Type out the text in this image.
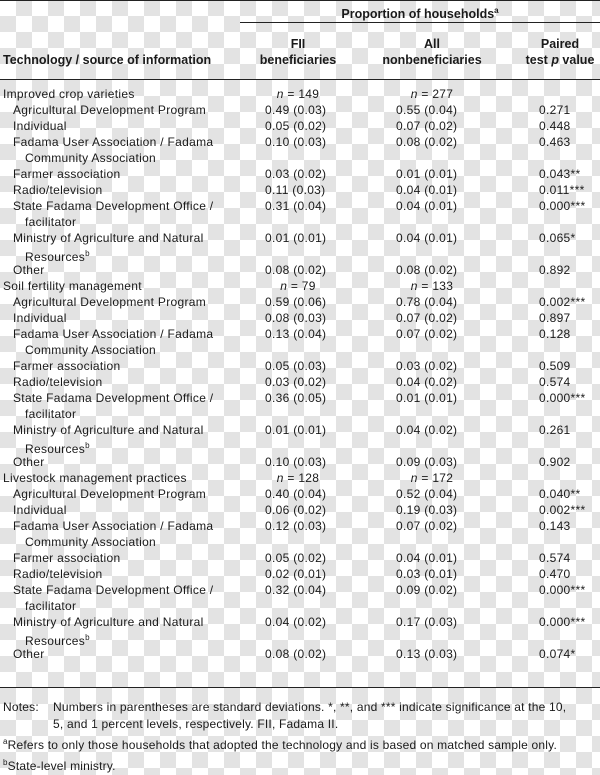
Proportion of households$^a$
Technology / source of information
FII
beneficiaries
All
nonbeneficiaries
Paired
test p value
Improved crop varieties	n = 149	n = 277
Agricultural Development Program	0.49 (0.03)	0.55 (0.04)	0.271
Individual	0.05 (0.02)	0.07 (0.02)	0.448
Fadama User Association / Fadama
Community Association
0.10 (0.03)	0.08 (0.02)	0.463
Farmer association	0.03 (0.02)	0.01 (0.01)	0.043**
Radio/television	0.11 (0.03)	0.04 (0.01)	0.011***
State Fadama Development Office /
facilitator
0.31 (0.04)	0.04 (0.01)	0.000***
Ministry of Agriculture and Natural
Resources$^b$
0.01 (0.01)	0.04 (0.01)	0.065*
Other	0.08 (0.02)	0.08 (0.02)	0.892
Soil fertility management	n = 79	n = 133
Agricultural Development Program	0.59 (0.06)	0.78 (0.04)	0.002***
Individual	0.08 (0.03)	0.07 (0.02)	0.897
Fadama User Association / Fadama
Community Association
0.13 (0.04)	0.07 (0.02)	0.128
Farmer association	0.05 (0.03)	0.03 (0.02)	0.509
Radio/television	0.03 (0.02)	0.04 (0.02)	0.574
State Fadama Development Office /
facilitator
0.36 (0.05)	0.01 (0.01)	0.000***
Ministry of Agriculture and Natural
Resources$^b$
0.01 (0.01)	0.04 (0.02)	0.261
Other	0.10 (0.03)	0.09 (0.03)	0.902
Livestock management practices	n = 128	n = 172
Agricultural Development Program	0.40 (0.04)	0.52 (0.04)	0.040**
Individual	0.06 (0.02)	0.19 (0.03)	0.002***
Fadama User Association / Fadama
Community Association
0.12 (0.03)	0.07 (0.02)	0.143
Farmer association	0.05 (0.02)	0.04 (0.01)	0.574
Radio/television	0.02 (0.01)	0.03 (0.01)	0.470
State Fadama Development Office /
facilitator
0.32 (0.04)	0.09 (0.02)	0.000***
Ministry of Agriculture and Natural
Resources$^b$
0.04 (0.02)	0.17 (0.03)	0.000***
Other	0.08 (0.02)	0.13 (0.03)	0.074*
Notes: Numbers in parentheses are standard deviations. *, **, and *** indicate significance at the 10,
5, and 1 percent levels, respectively. FII, Fadama II.
$^a$Refers to only those households that adopted the technology and is based on matched sample only.
$^b$State-level ministry.
